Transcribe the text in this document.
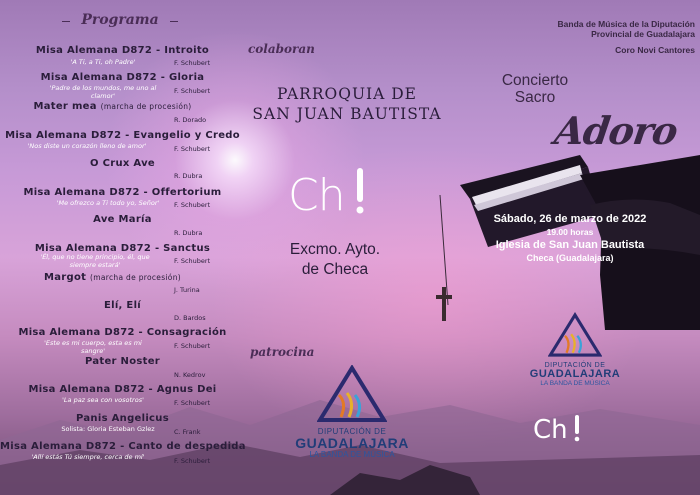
Programa
Misa Alemana D872 - Introito
'A Ti, a Ti, oh Padre'	F. Schubert
Misa Alemana D872 - Gloria
'Padre de los mundos, me uno al clamor'
F. Schubert
Mater mea (marcha de procesión)
R. Dorado
Misa Alemana D872 - Evangelio y Credo
'Nos diste un corazón lleno de amor'	F. Schubert
O Crux Ave
R. Dubra
Misa Alemana D872 - Offertorium
'Me ofrezco a Ti todo yo, Señor'	F. Schubert
Ave María
R. Dubra
Misa Alemana D872 - Sanctus
'Él, que no tiene principio, él, que siempre estará'	F. Schubert
Margot (marcha de procesión)
J. Turina
Elí, Elí
D. Bardos
Misa Alemana D872 - Consagración
'Este es mi cuerpo, esta es mi sangre'
F. Schubert
Pater Noster
N. Kedrov
Misa Alemana D872 - Agnus Dei
'La paz sea con vosotros'	F. Schubert
Panis Angelicus
Solista: Gloria Esteban Gzlez	C. Frank
Misa Alemana D872 - Canto de despedida
'Allí estás Tú siempre, cerca de mí'	F. Schubert
colaboran
PARROQUIA DE
SAN JUAN BAUTISTA
Ch
Excmo. Ayto.
de Checa
patrocina
DIPUTACIÓN DE
GUADALAJARA
LA BANDA DE MÚSICA
Banda de Música de la Diputación
Provincial de Guadalajara
Coro Novi Cantores
Concierto
Sacro
Adoro
Sábado, 26 de marzo de 2022
19.00 horas
Iglesia de San Juan Bautista
Checa (Guadalajara)
DIPUTACIÓN DE
GUADALAJARA
LA BANDA DE MÚSICA
Ch
